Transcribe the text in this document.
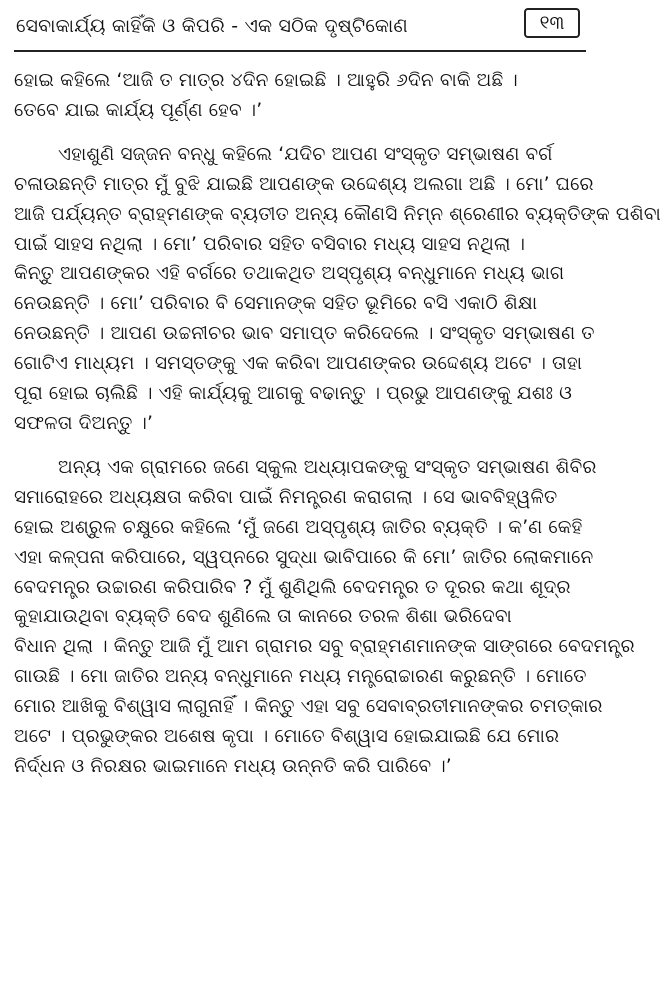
ସେବାକାର୍ଯ୍ୟ କାହିଁକି ଓ କିପରି - ଏକ ସଠିକ ଦୃଷ୍ଟିକୋଣ	୧୩
ହୋଇ କହିଲେ ‘ଆଜି ତ ମାତ୍ର ୪ଦିନ ହୋଇଛି । ଆହୁରି ୬ଦିନ ବାକି ଅଛି ।
ତେବେ ଯାଇ କାର୍ଯ୍ୟ ପୂର୍ଣ୍ଣ ହେବ ।’
ଏହାଶୁଣି ସଜ୍ଜନ ବନ୍ଧୁ କହିଲେ ‘ଯଦିଚ ଆପଣ ସଂସ୍କୃତ ସମ୍ଭାଷଣ ବର୍ଗ
ଚଳାଉଛନ୍ତି ମାତ୍ର ମୁଁ ବୁଝି ଯାଇଛି ଆପଣଙ୍କ ଉଦ୍ଦେଶ୍ୟ ଅଲଗା ଅଛି । ମୋ’ ଘରେ
ଆଜି ପର୍ଯ୍ୟନ୍ତ ବ୍ରାହ୍ମଣଙ୍କ ବ୍ୟତୀତ ଅନ୍ୟ କୌଣସି ନିମ୍ନ ଶ୍ରେଣୀର ବ୍ୟକ୍ତିଙ୍କ ପଶିବା
ପାଇଁ ସାହସ ନଥିଲା । ମୋ’ ପରିବାର ସହିତ ବସିବାର ମଧ୍ୟ ସାହସ ନଥିଲା ।
କିନ୍ତୁ ଆପଣଙ୍କର ଏହି ବର୍ଗରେ ତଥାକଥିତ ଅସ୍ପୃଶ୍ୟ ବନ୍ଧୁମାନେ ମଧ୍ୟ ଭାଗ
ନେଉଛନ୍ତି । ମୋ’ ପରିବାର ବି ସେମାନଙ୍କ ସହିତ ଭୂମିରେ ବସି ଏକାଠି ଶିକ୍ଷା
ନେଉଛନ୍ତି । ଆପଣ ଉଚ୍ଚନୀଚର ଭାବ ସମାପ୍ତ କରିଦେଲେ । ସଂସ୍କୃତ ସମ୍ଭାଷଣ ତ
ଗୋଟିଏ ମାଧ୍ୟମ । ସମସ୍ତଙ୍କୁ ଏକ କରିବା ଆପଣଙ୍କର ଉଦ୍ଦେଶ୍ୟ ଅଟେ । ତାହା
ପୂରା ହୋଇ ଚାଲିଛି । ଏହି କାର୍ଯ୍ୟକୁ ଆଗକୁ ବଢାନ୍ତୁ । ପ୍ରଭୁ ଆପଣଙ୍କୁ ଯଶଃ ଓ
ସଫଳତା ଦିଅନ୍ତୁ ।’
ଅନ୍ୟ ଏକ ଗ୍ରାମରେ ଜଣେ ସ୍କୁଲ ଅଧ୍ୟାପକଙ୍କୁ ସଂସ୍କୃତ ସମ୍ଭାଷଣ ଶିବିର
ସମାରୋହରେ ଅଧ୍ୟକ୍ଷତା କରିବା ପାଇଁ ନିମନ୍ତ୍ରଣ କରାଗଲା । ସେ ଭାବବିହ୍ୱଳିତ
ହୋଇ ଅଶ୍ରୁଳ ଚକ୍ଷୁରେ କହିଲେ ‘ମୁଁ ଜଣେ ଅସ୍ପୃଶ୍ୟ ଜାତିର ବ୍ୟକ୍ତି । କ’ଣ କେହି
ଏହା କଳ୍ପନା କରିପାରେ, ସ୍ୱପ୍ନରେ ସୁଦ୍ଧା ଭାବିପାରେ କି ମୋ’ ଜାତିର ଲୋକମାନେ
ବେଦମନ୍ତ୍ର ଉଚ୍ଚାରଣ କରିପାରିବ ? ମୁଁ ଶୁଣିଥିଲି ବେଦମନ୍ତ୍ର ତ ଦୂରର କଥା ଶୂଦ୍ର
କୁହାଯାଉଥିବା ବ୍ୟକ୍ତି ବେଦ ଶୁଣିଲେ ତା କାନରେ ତରଳ ଶିଶା ଭରିଦେବା
ବିଧାନ ଥିଲା । କିନ୍ତୁ ଆଜି ମୁଁ ଆମ ଗ୍ରାମର ସବୁ ବ୍ରାହ୍ମଣମାନଙ୍କ ସାଙ୍ଗରେ ବେଦମନ୍ତ୍ର
ଗାଉଛି । ମୋ ଜାତିର ଅନ୍ୟ ବନ୍ଧୁମାନେ ମଧ୍ୟ ମନ୍ତ୍ରୋଚ୍ଚାରଣ କରୁଛନ୍ତି । ମୋତେ
ମୋର ଆଖିକୁ ବିଶ୍ୱାସ ଲାଗୁନାହିଁ । କିନ୍ତୁ ଏହା ସବୁ ସେବାବ୍ରତୀମାନଙ୍କର ଚମତ୍କାର
ଅଟେ । ପ୍ରଭୁଙ୍କର ଅଶେଷ କୃପା । ମୋତେ ବିଶ୍ୱାସ ହୋଇଯାଇଛି ଯେ ମୋର
ନିର୍ଦ୍ଧନ ଓ ନିରକ୍ଷର ଭାଇମାନେ ମଧ୍ୟ ଉନ୍ନତି କରି ପାରିବେ ।’
